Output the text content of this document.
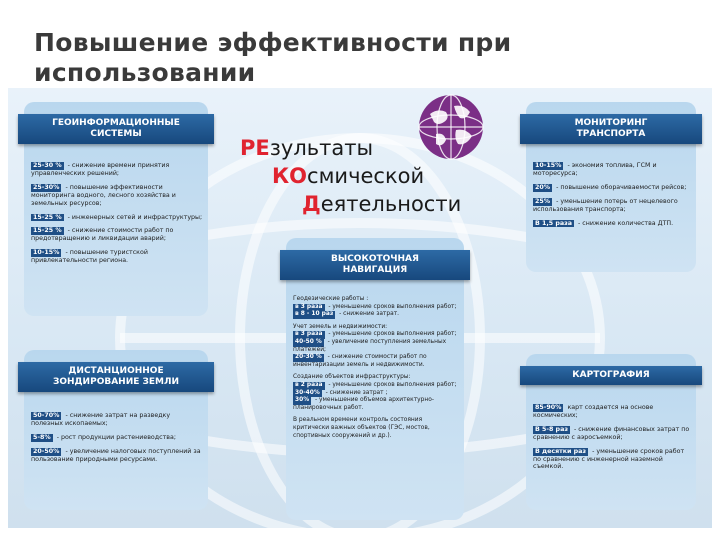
Повышение эффективности при использовании
ГЕОИНФОРМАЦИОННЫЕ
СИСТЕМЫ
25-30 % - снижение времени принятия управленческих решений;
25-30% - повышение эффективности мониторинга водного, лесного хозяйства и земельных ресурсов;
15-25 % - инженерных сетей и инфраструктуры;
15-25 % - снижение стоимости работ по предотвращению и ликвидации аварий;
10-15% - повышение туристской привлекательности региона.
ДИСТАНЦИОННОЕ
ЗОНДИРОВАНИЕ ЗЕМЛИ
50-70% - снижение затрат на разведку полезных ископаемых;
5-8% - рост продукции растениеводства;
20-50% - увеличение налоговых поступлений за пользование природными ресурсами.
ВЫСОКОТОЧНАЯ
НАВИГАЦИЯ
Геодезические работы :
в 3 раза - уменьшение сроков выполнения работ;
в 8 - 10 раз - снижение затрат.
Учет земель и недвижимости:
в 3 раза - уменьшение сроков выполнения работ;
40-50 % - увеличение поступления земельных платежей;
20-30 % - снижение стоимости работ по инвентаризации земель и недвижимости.
Создание объектов инфраструктуры:
в 2 раза - уменьшение сроков выполнения работ;
30-40% - снижение затрат ;
30% - уменьшение объемов архитектурно-планировочных работ.
В реальном времени контроль состояния критически важных объектов (ГЭС, мостов, спортивных сооружений и др.).
МОНИТОРИНГ
ТРАНСПОРТА
10-15% - экономия топлива, ГСМ и моторесурса;
20% - повышение оборачиваемости рейсов;
25% - уменьшение потерь от нецелевого использования транспорта;
В 1,5 раза - снижение количества ДТП.
КАРТОГРАФИЯ
85-90% карт создается на основе космических;
В 5-8 раз - снижение финансовых затрат по сравнению с аэросъемкой;
В десятки раз - уменьшение сроков работ по сравнению с инженерной наземной съемкой.
РЕзультаты
КОсмической
Деятельности
